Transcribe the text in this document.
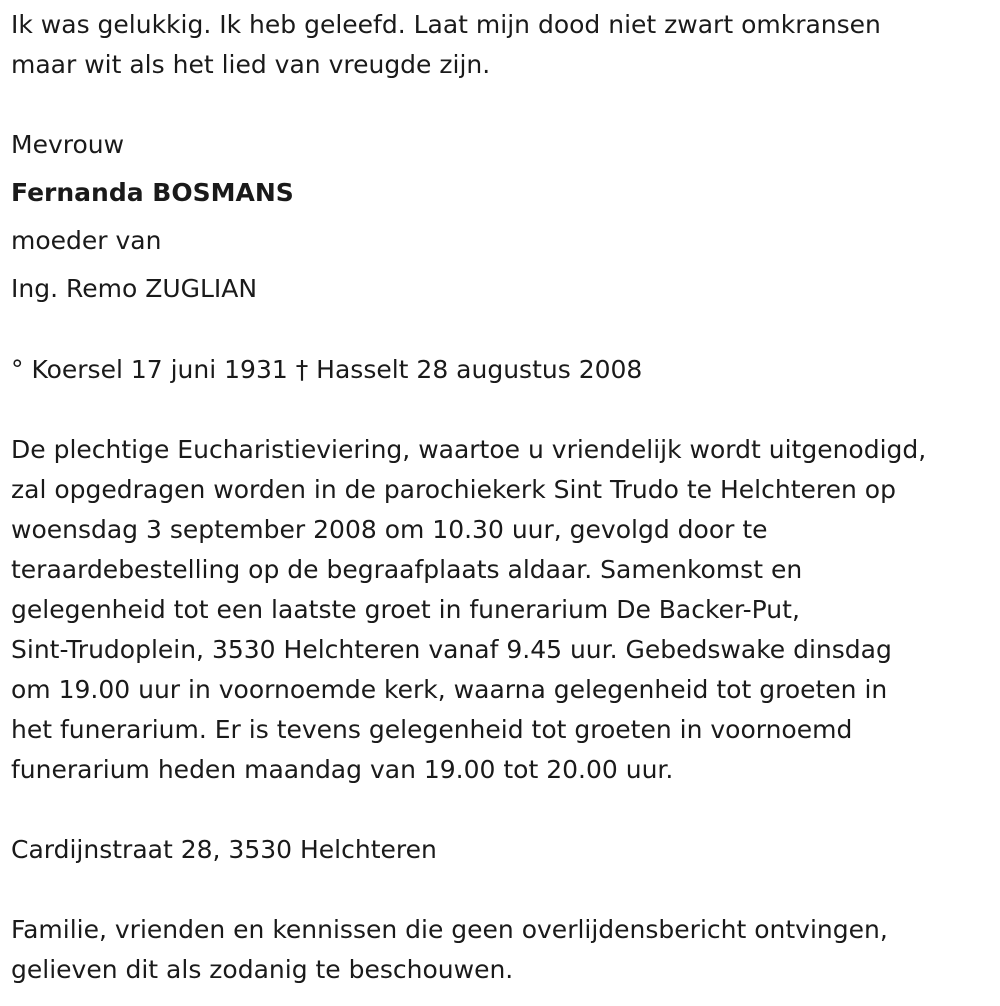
Ik was gelukkig. Ik heb geleefd. Laat mijn dood niet zwart omkransen
maar wit als het lied van vreugde zijn.
Mevrouw
Fernanda BOSMANS
moeder van
Ing. Remo ZUGLIAN
° Koersel 17 juni 1931 † Hasselt 28 augustus 2008
De plechtige Eucharistieviering, waartoe u vriendelijk wordt uitgenodigd,
zal opgedragen worden in de parochiekerk Sint Trudo te Helchteren op
woensdag 3 september 2008 om 10.30 uur, gevolgd door te
teraardebestelling op de begraafplaats aldaar. Samenkomst en
gelegenheid tot een laatste groet in funerarium De Backer-Put,
Sint-Trudoplein, 3530 Helchteren vanaf 9.45 uur. Gebedswake dinsdag
om 19.00 uur in voornoemde kerk, waarna gelegenheid tot groeten in
het funerarium. Er is tevens gelegenheid tot groeten in voornoemd
funerarium heden maandag van 19.00 tot 20.00 uur.
Cardijnstraat 28, 3530 Helchteren
Familie, vrienden en kennissen die geen overlijdensbericht ontvingen,
gelieven dit als zodanig te beschouwen.
